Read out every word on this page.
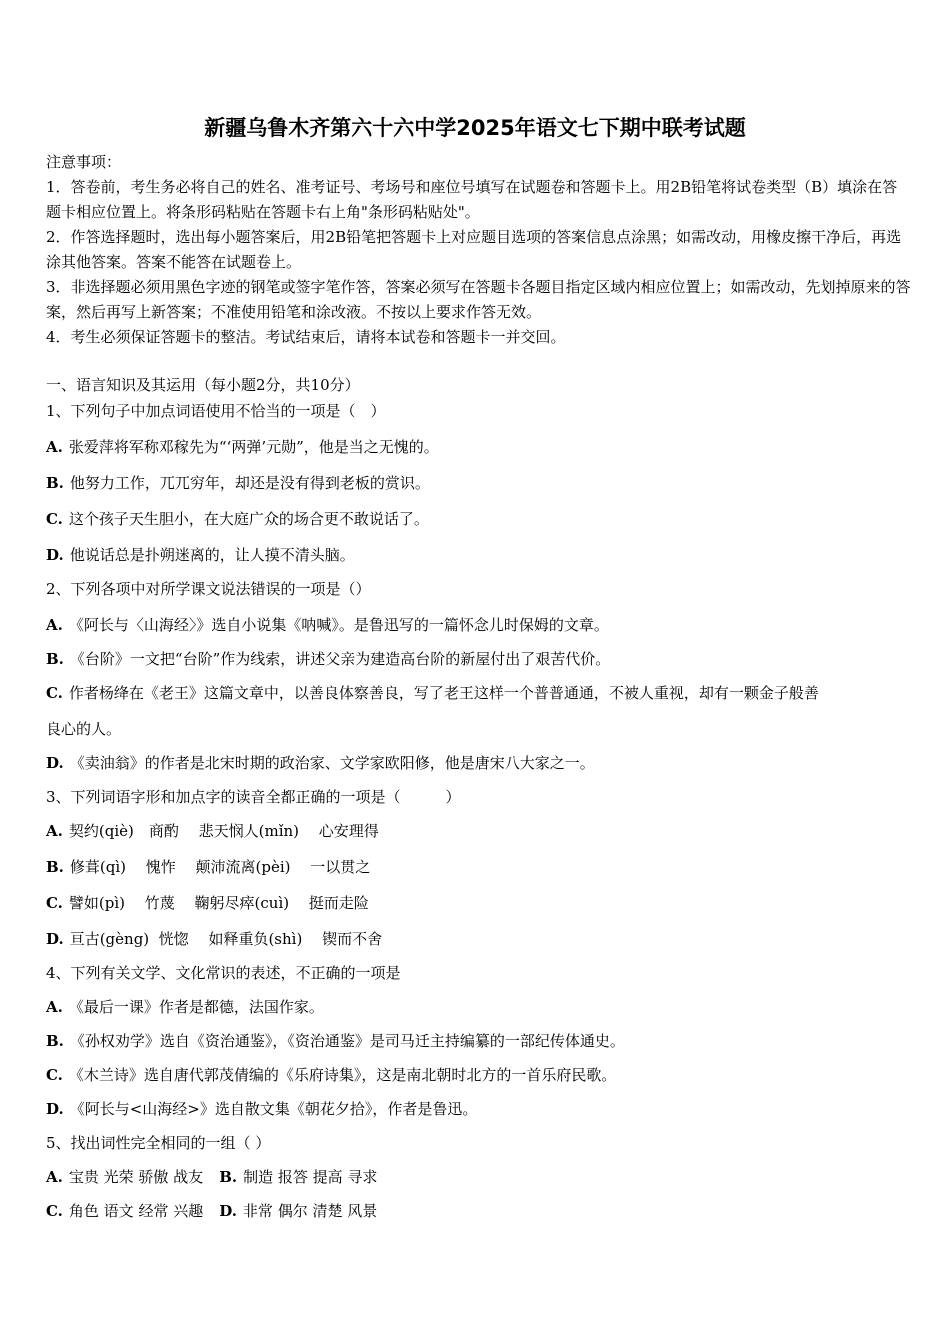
新疆乌鲁木齐第六十六中学2025年语文七下期中联考试题

注意事项：

1．答卷前，考生务必将自己的姓名、准考证号、考场号和座位号填写在试题卷和答题卡上。用2B铅笔将试卷类型（B）填涂在答题卡相应位置上。将条形码粘贴在答题卡右上角"条形码粘贴处"。

2．作答选择题时，选出每小题答案后，用2B铅笔把答题卡上对应题目选项的答案信息点涂黑；如需改动，用橡皮擦干净后，再选涂其他答案。答案不能答在试题卷上。

3．非选择题必须用黑色字迹的钢笔或签字笔作答，答案必须写在答题卡各题目指定区域内相应位置上；如需改动，先划掉原来的答案，然后再写上新答案；不准使用铅笔和涂改液。不按以上要求作答无效。

4．考生必须保证答题卡的整洁。考试结束后，请将本试卷和答题卡一并交回。

一、语言知识及其运用（每小题2分，共10分）
1、下列句子中加点词语使用不恰当的一项是（　）
A. 张爱萍将军称邓稼先为“‘两弹’元勋”，他是当之无愧的。
B. 他努力工作，兀兀穷年，却还是没有得到老板的赏识。
C. 这个孩子天生胆小，在大庭广众的场合更不敢说话了。
D. 他说话总是扑朔迷离的，让人摸不清头脑。
2、下列各项中对所学课文说法错误的一项是（）
A. 《阿长与〈山海经〉》选自小说集《呐喊》。是鲁迅写的一篇怀念儿时保姆的文章。
B. 《台阶》一文把“台阶”作为线索，讲述父亲为建造高台阶的新屋付出了艰苦代价。
C. 作者杨绛在《老王》这篇文章中，以善良体察善良，写了老王这样一个普普通通，不被人重视，却有一颗金子般善
良心的人。
D. 《卖油翁》的作者是北宋时期的政治家、文学家欧阳修，他是唐宋八大家之一。
3、下列词语字形和加点字的读音全都正确的一项是（　　　）
A. 契约(qiè)　商酌　 悲天悯人(mǐn)　 心安理得
B. 修葺(qì)　 愧怍　 颠沛流离(pèi)　 一以贯之
C. 譬如(pì)　 竹蔑　 鞠躬尽瘁(cuì)　 挺而走险
D. 亘古(gèng)  恍惚　 如释重负(shì)　 锲而不舍
4、下列有关文学、文化常识的表述，不正确的一项是
A. 《最后一课》作者是都德，法国作家。
B. 《孙权劝学》选自《资治通鉴》，《资治通鉴》是司马迁主持编纂的一部纪传体通史。
C. 《木兰诗》选自唐代郭茂倩编的《乐府诗集》，这是南北朝时北方的一首乐府民歌。
D. 《阿长与<山海经>》选自散文集《朝花夕拾》，作者是鲁迅。
5、找出词性完全相同的一组（ ）
A. 宝贵 光荣 骄傲 战友 B. 制造 报答 提高 寻求
C. 角色 语文 经常 兴趣 D. 非常 偶尔 清楚 风景
